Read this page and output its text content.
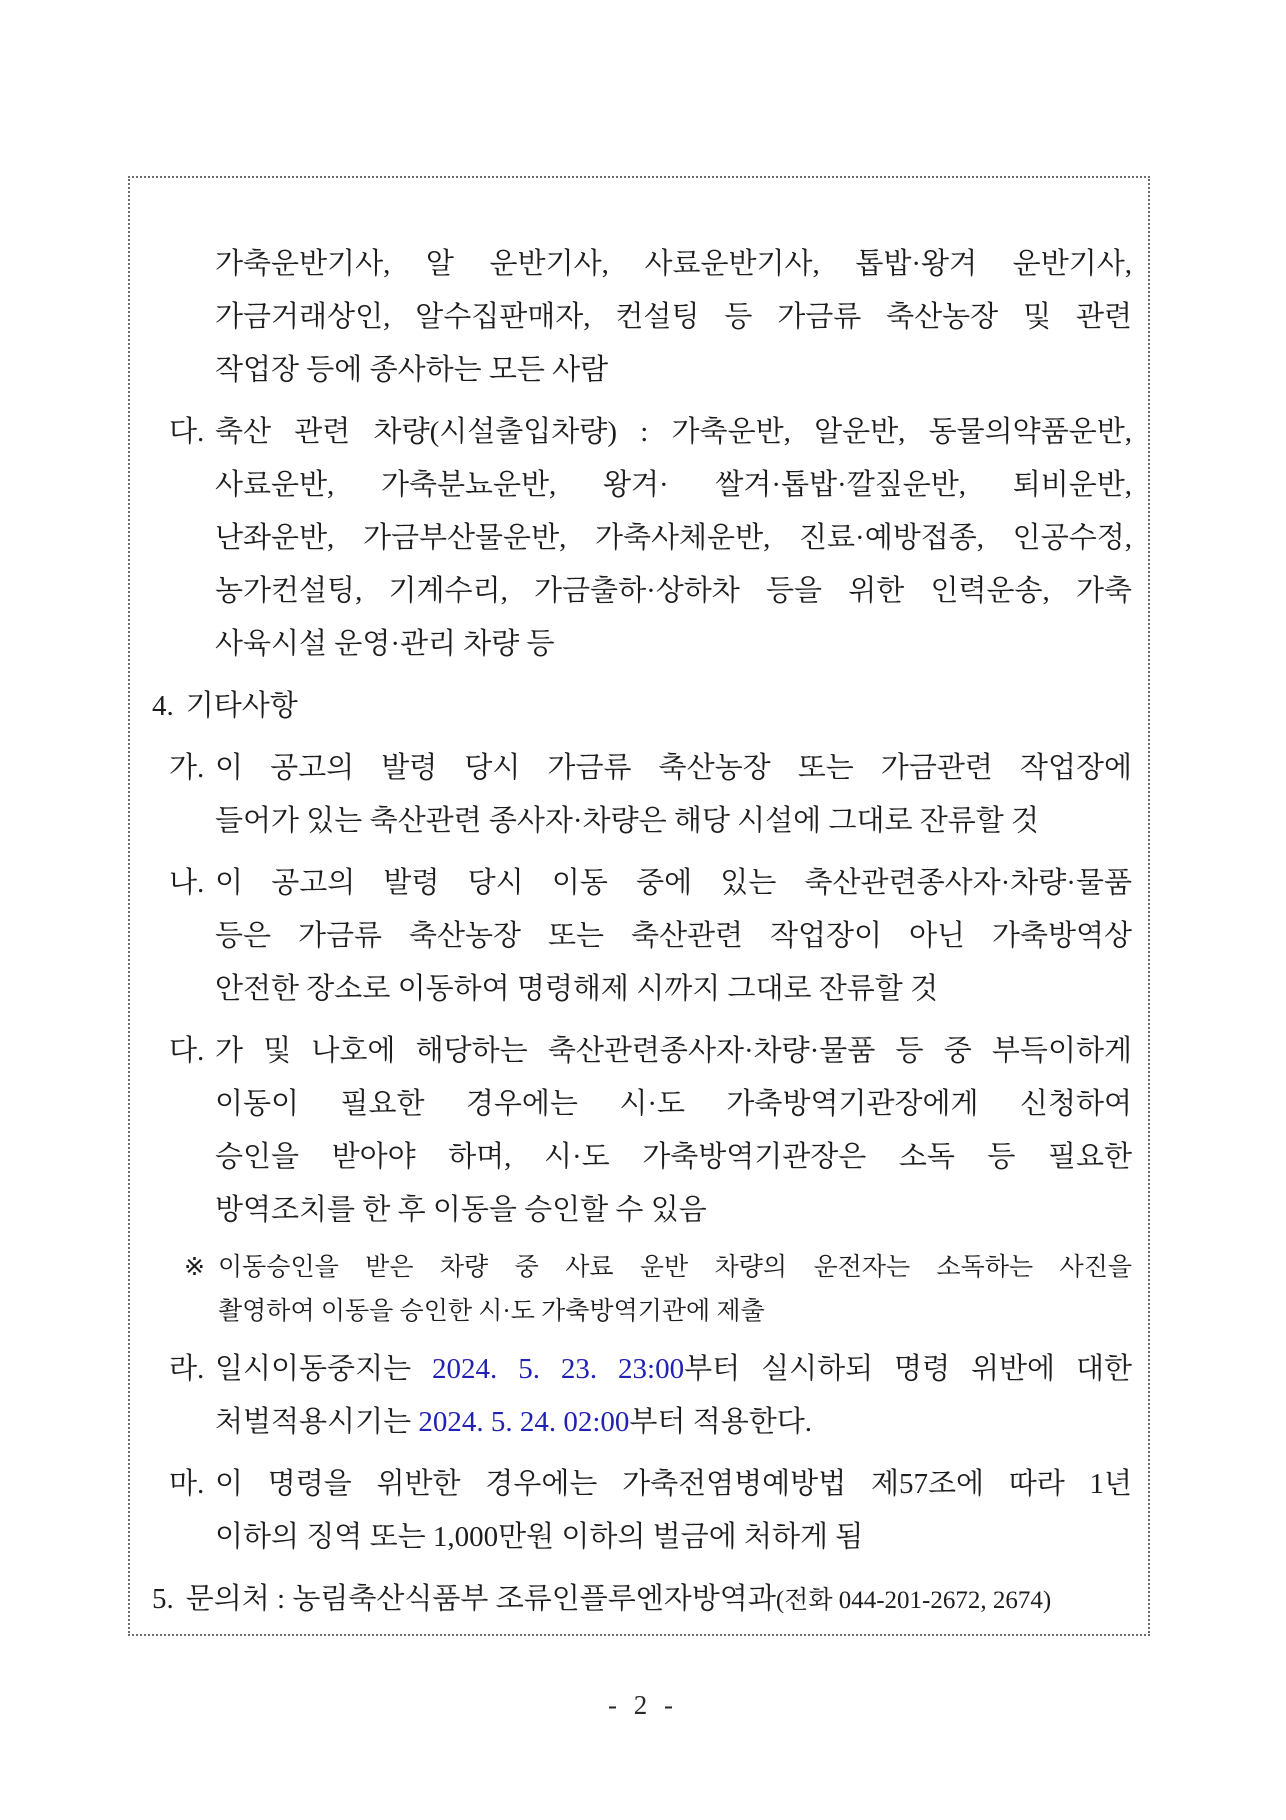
가축운반기사, 알 운반기사, 사료운반기사, 톱밥·왕겨 운반기사,
가금거래상인, 알수집판매자, 컨설팅 등 가금류 축산농장 및 관련
작업장 등에 종사하는 모든 사람
다. 축산 관련 차량(시설출입차량) : 가축운반, 알운반, 동물의약품운반,
사료운반, 가축분뇨운반, 왕겨· 쌀겨·톱밥·깔짚운반, 퇴비운반,
난좌운반, 가금부산물운반, 가축사체운반, 진료·예방접종, 인공수정,
농가컨설팅, 기계수리, 가금출하·상하차 등을 위한 인력운송, 가축
사육시설 운영·관리 차량 등
4. 기타사항
가. 이 공고의 발령 당시 가금류 축산농장 또는 가금관련 작업장에
들어가 있는 축산관련 종사자·차량은 해당 시설에 그대로 잔류할 것
나. 이 공고의 발령 당시 이동 중에 있는 축산관련종사자·차량·물품
등은 가금류 축산농장 또는 축산관련 작업장이 아닌 가축방역상
안전한 장소로 이동하여 명령해제 시까지 그대로 잔류할 것
다. 가 및 나호에 해당하는 축산관련종사자·차량·물품 등 중 부득이하게
이동이 필요한 경우에는 시·도 가축방역기관장에게 신청하여
승인을 받아야 하며, 시·도 가축방역기관장은 소독 등 필요한
방역조치를 한 후 이동을 승인할 수 있음
※ 이동승인을 받은 차량 중 사료 운반 차량의 운전자는 소독하는 사진을
촬영하여 이동을 승인한 시·도 가축방역기관에 제출
라. 일시이동중지는 2024. 5. 23. 23:00부터 실시하되 명령 위반에 대한
처벌적용시기는 2024. 5. 24. 02:00부터 적용한다.
마. 이 명령을 위반한 경우에는 가축전염병예방법 제57조에 따라 1년
이하의 징역 또는 1,000만원 이하의 벌금에 처하게 됨
5. 문의처 : 농림축산식품부 조류인플루엔자방역과(전화 044-201-2672, 2674)
- 2 -
